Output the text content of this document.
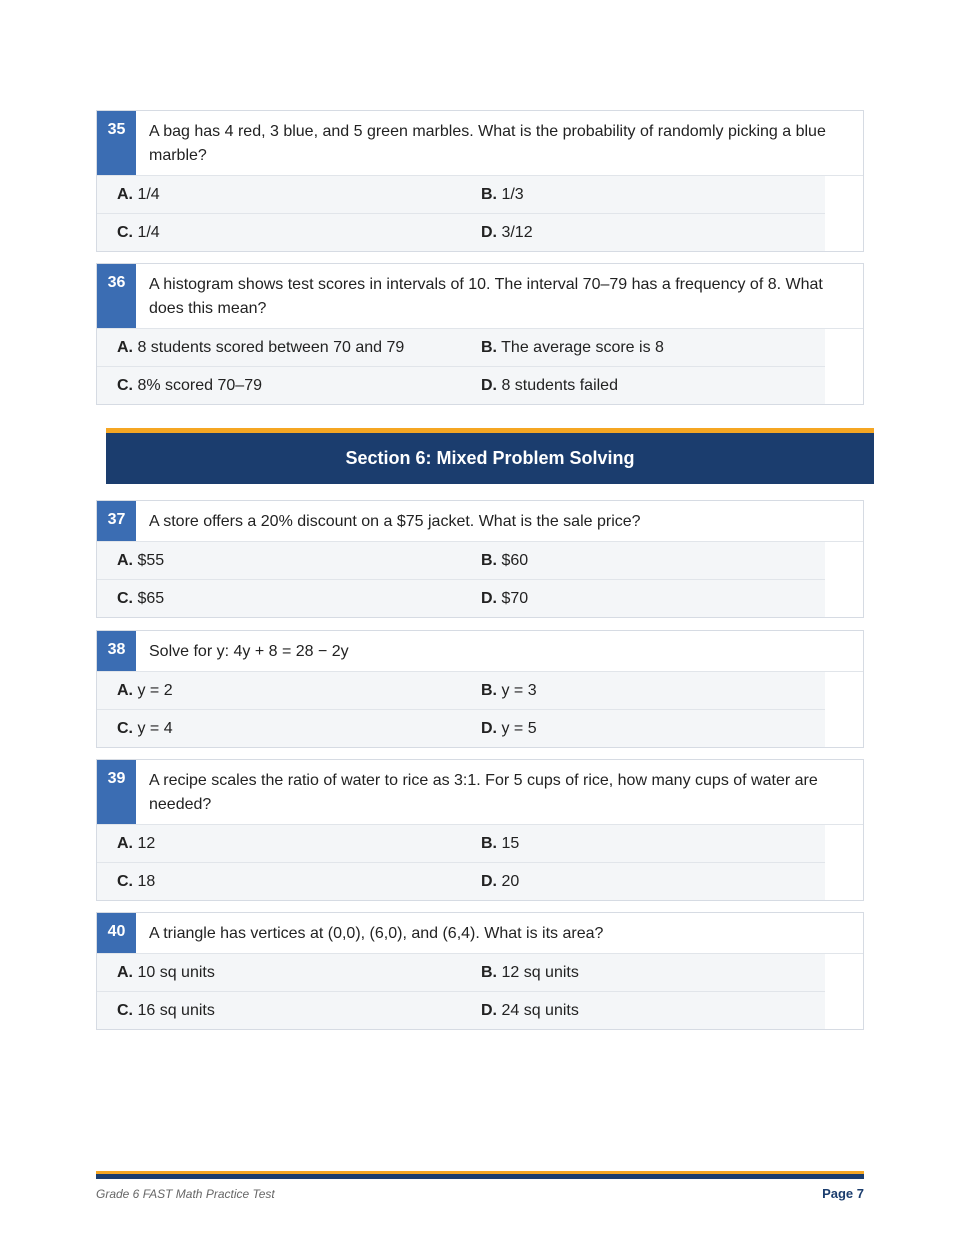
35	A bag has 4 red, 3 blue, and 5 green marbles. What is the probability of randomly picking a blue marble?
A. 1/4	B. 1/3
C. 1/4	D. 3/12
36	A histogram shows test scores in intervals of 10. The interval 70–79 has a frequency of 8. What does this mean?
A. 8 students scored between 70 and 79	B. The average score is 8
C. 8% scored 70–79	D. 8 students failed
Section 6: Mixed Problem Solving
37	A store offers a 20% discount on a $75 jacket. What is the sale price?
A. $55	B. $60
C. $65	D. $70
38	Solve for y: 4y + 8 = 28 − 2y
A. y = 2	B. y = 3
C. y = 4	D. y = 5
39	A recipe scales the ratio of water to rice as 3:1. For 5 cups of rice, how many cups of water are needed?
A. 12	B. 15
C. 18	D. 20
40	A triangle has vertices at (0,0), (6,0), and (6,4). What is its area?
A. 10 sq units	B. 12 sq units
C. 16 sq units	D. 24 sq units
Grade 6 FAST Math Practice Test	Page 7
